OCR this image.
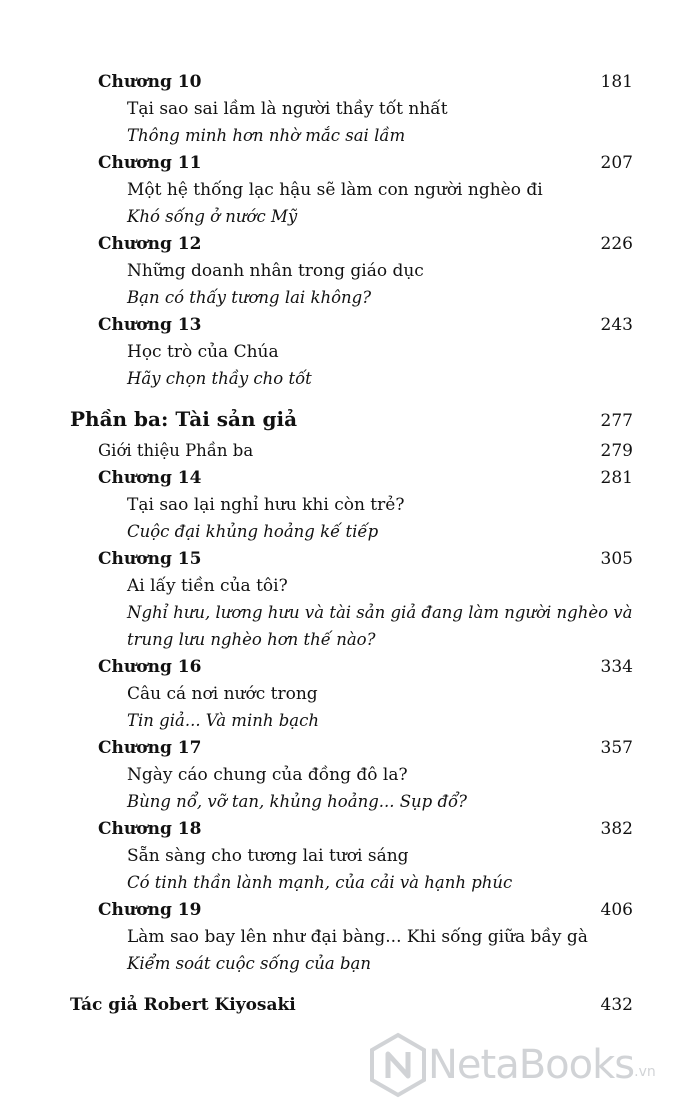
Chương 10	181
Tại sao sai lầm là người thầy tốt nhất
Thông minh hơn nhờ mắc sai lầm
Chương 11	207
Một hệ thống lạc hậu sẽ làm con người nghèo đi
Khó sống ở nước Mỹ
Chương 12	226
Những doanh nhân trong giáo dục
Bạn có thấy tương lai không?
Chương 13	243
Học trò của Chúa
Hãy chọn thầy cho tốt
Phần ba: Tài sản giả	277
Giới thiệu Phần ba	279
Chương 14	281
Tại sao lại nghỉ hưu khi còn trẻ?
Cuộc đại khủng hoảng kế tiếp
Chương 15	305
Ai lấy tiền của tôi?
Nghỉ hưu, lương hưu và tài sản giả đang làm người nghèo và
trung lưu nghèo hơn thế nào?
Chương 16	334
Câu cá nơi nước trong
Tin giả... Và minh bạch
Chương 17	357
Ngày cáo chung của đồng đô la?
Bùng nổ, vỡ tan, khủng hoảng... Sụp đổ?
Chương 18	382
Sẵn sàng cho tương lai tươi sáng
Có tinh thần lành mạnh, của cải và hạnh phúc
Chương 19	406
Làm sao bay lên như đại bàng... Khi sống giữa bầy gà
Kiểm soát cuộc sống của bạn
Tác giả Robert Kiyosaki	432
NetaBooks .vn
